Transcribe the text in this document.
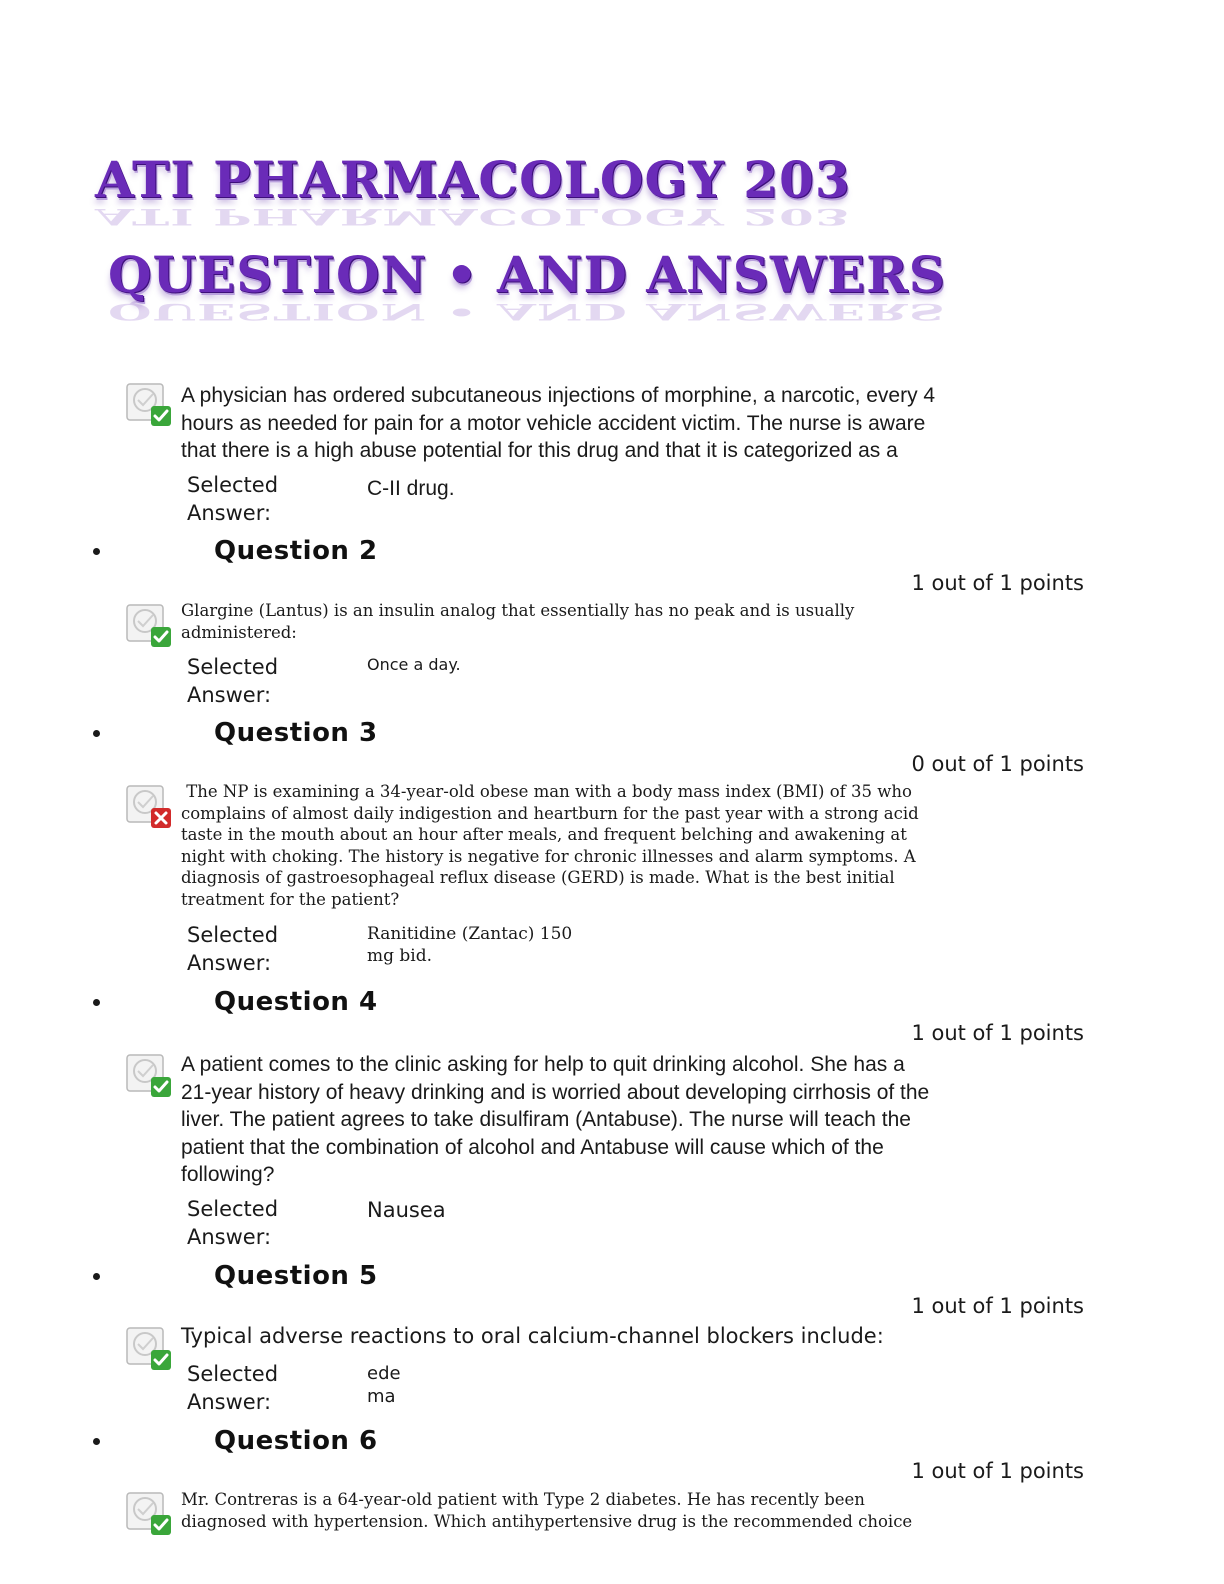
ATI PHARMACOLOGY 203
ATI PHARMACOLOGY 203
QUESTION • AND ANSWERS
QUESTION • AND ANSWERS
A physician has ordered subcutaneous injections of morphine, a narcotic, every 4
hours as needed for pain for a motor vehicle accident victim. The nurse is aware
that there is a high abuse potential for this drug and that it is categorized as a
Selected
Answer:
C-II drug.
Question 2
1 out of 1 points
Glargine (Lantus) is an insulin analog that essentially has no peak and is usually
administered:
Selected
Answer:
Once a day.
Question 3
0 out of 1 points
The NP is examining a 34-year-old obese man with a body mass index (BMI) of 35 who
complains of almost daily indigestion and heartburn for the past year with a strong acid
taste in the mouth about an hour after meals, and frequent belching and awakening at
night with choking. The history is negative for chronic illnesses and alarm symptoms. A
diagnosis of gastroesophageal reflux disease (GERD) is made. What is the best initial
treatment for the patient?
Selected
Answer:
Ranitidine (Zantac) 150
mg bid.
Question 4
1 out of 1 points
A patient comes to the clinic asking for help to quit drinking alcohol. She has a
21-year history of heavy drinking and is worried about developing cirrhosis of the
liver. The patient agrees to take disulfiram (Antabuse). The nurse will teach the
patient that the combination of alcohol and Antabuse will cause which of the
following?
Selected
Answer:
Nausea
Question 5
1 out of 1 points
Typical adverse reactions to oral calcium-channel blockers include:
Selected
Answer:
ede
ma
Question 6
1 out of 1 points
Mr. Contreras is a 64-year-old patient with Type 2 diabetes. He has recently been
diagnosed with hypertension. Which antihypertensive drug is the recommended choice
